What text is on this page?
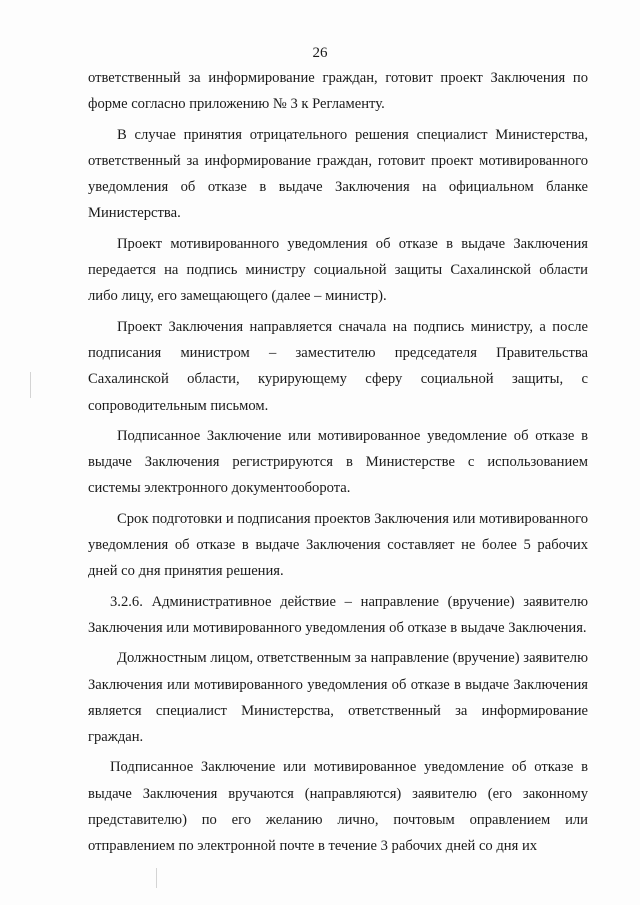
26

ответственный за информирование граждан, готовит проект Заключения по форме согласно приложению № 3 к Регламенту.

В случае принятия отрицательного решения специалист Министерства, ответственный за информирование граждан, готовит проект мотивированного уведомления об отказе в выдаче Заключения на официальном бланке Министерства.

Проект мотивированного уведомления об отказе в выдаче Заключения передается на подпись министру социальной защиты Сахалинской области либо лицу, его замещающего (далее – министр).

Проект Заключения направляется сначала на подпись министру, а после подписания министром – заместителю председателя Правительства Сахалинской области, курирующему сферу социальной защиты, с сопроводительным письмом.

Подписанное Заключение или мотивированное уведомление об отказе в выдаче Заключения регистрируются в Министерстве с использованием системы электронного документооборота.

Срок подготовки и подписания проектов Заключения или мотивированного уведомления об отказе в выдаче Заключения составляет не более 5 рабочих дней со дня принятия решения.

3.2.6. Административное действие – направление (вручение) заявителю Заключения или мотивированного уведомления об отказе в выдаче Заключения.

Должностным лицом, ответственным за направление (вручение) заявителю Заключения или мотивированного уведомления об отказе в выдаче Заключения является специалист Министерства, ответственный за информирование граждан.

Подписанное Заключение или мотивированное уведомление об отказе в выдаче Заключения вручаются (направляются) заявителю (его законному представителю) по его желанию лично, почтовым оправлением или отправлением по электронной почте в течение 3 рабочих дней со дня их
